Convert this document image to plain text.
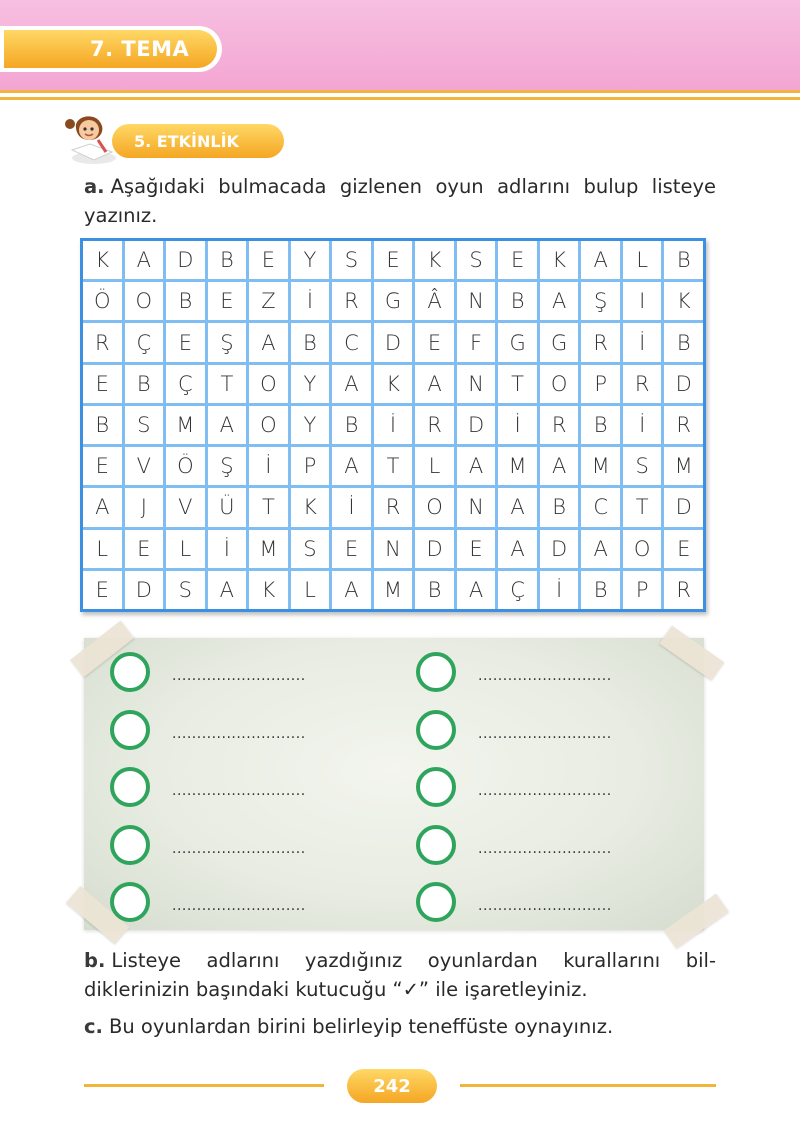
7. TEMA
5. ETKİNLİK
a. Aşağıdaki bulmacada gizlenen oyun adlarını bulup listeye yazınız.
K	A	D	B	E	Y	S	E	K	S	E	K	A	L	B
Ö	O	B	E	Z	İ	R	G	Â	N	B	A	Ş	I	K
R	Ç	E	Ş	A	B	C	D	E	F	G	G	R	İ	B
E	B	Ç	T	O	Y	A	K	A	N	T	O	P	R	D
B	S	M	A	O	Y	B	İ	R	D	İ	R	B	İ	R
E	V	Ö	Ş	İ	P	A	T	L	A	M	A	M	S	M
A	J	V	Ü	T	K	İ	R	O	N	A	B	C	T	D
L	E	L	İ	M	S	E	N	D	E	A	D	A	O	E
E	D	S	A	K	L	A	M	B	A	Ç	İ	B	P	R
...........................
...........................
...........................
...........................
...........................
...........................
...........................
...........................
...........................
...........................
b. Listeye adlarını yazdığınız oyunlardan kurallarını bil-diklerinizin başındaki kutucuğu “✓” ile işaretleyiniz.
c. Bu oyunlardan birini belirleyip teneffüste oynayınız.
242
